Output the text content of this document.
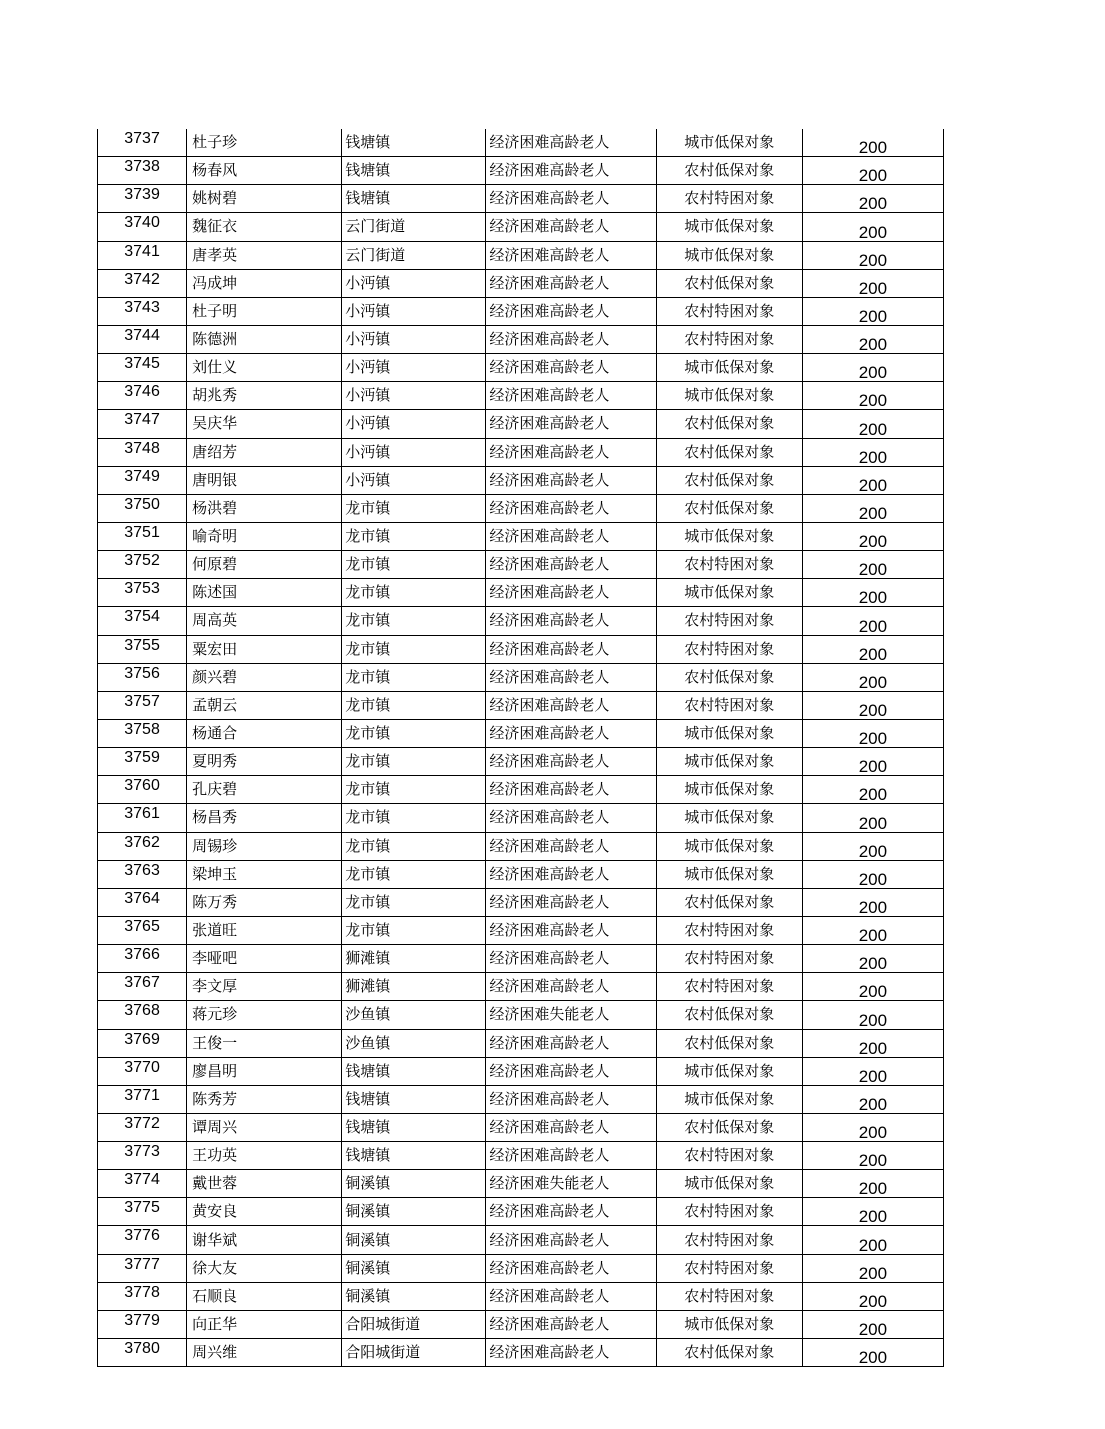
3737	杜子珍	钱塘镇	经济困难高龄老人	城市低保对象	200
3738	杨春风	钱塘镇	经济困难高龄老人	农村低保对象	200
3739	姚树碧	钱塘镇	经济困难高龄老人	农村特困对象	200
3740	魏征衣	云门街道	经济困难高龄老人	城市低保对象	200
3741	唐孝英	云门街道	经济困难高龄老人	城市低保对象	200
3742	冯成坤	小沔镇	经济困难高龄老人	农村低保对象	200
3743	杜子明	小沔镇	经济困难高龄老人	农村特困对象	200
3744	陈德洲	小沔镇	经济困难高龄老人	农村特困对象	200
3745	刘仕义	小沔镇	经济困难高龄老人	城市低保对象	200
3746	胡兆秀	小沔镇	经济困难高龄老人	城市低保对象	200
3747	吴庆华	小沔镇	经济困难高龄老人	农村低保对象	200
3748	唐绍芳	小沔镇	经济困难高龄老人	农村低保对象	200
3749	唐明银	小沔镇	经济困难高龄老人	农村低保对象	200
3750	杨洪碧	龙市镇	经济困难高龄老人	农村低保对象	200
3751	喻奇明	龙市镇	经济困难高龄老人	城市低保对象	200
3752	何原碧	龙市镇	经济困难高龄老人	农村特困对象	200
3753	陈述国	龙市镇	经济困难高龄老人	城市低保对象	200
3754	周高英	龙市镇	经济困难高龄老人	农村特困对象	200
3755	粟宏田	龙市镇	经济困难高龄老人	农村特困对象	200
3756	颜兴碧	龙市镇	经济困难高龄老人	农村低保对象	200
3757	孟朝云	龙市镇	经济困难高龄老人	农村特困对象	200
3758	杨通合	龙市镇	经济困难高龄老人	城市低保对象	200
3759	夏明秀	龙市镇	经济困难高龄老人	城市低保对象	200
3760	孔庆碧	龙市镇	经济困难高龄老人	城市低保对象	200
3761	杨昌秀	龙市镇	经济困难高龄老人	城市低保对象	200
3762	周锡珍	龙市镇	经济困难高龄老人	城市低保对象	200
3763	梁坤玉	龙市镇	经济困难高龄老人	城市低保对象	200
3764	陈万秀	龙市镇	经济困难高龄老人	农村低保对象	200
3765	张道旺	龙市镇	经济困难高龄老人	农村特困对象	200
3766	李哑吧	狮滩镇	经济困难高龄老人	农村特困对象	200
3767	李文厚	狮滩镇	经济困难高龄老人	农村特困对象	200
3768	蒋元珍	沙鱼镇	经济困难失能老人	农村低保对象	200
3769	王俊一	沙鱼镇	经济困难高龄老人	农村低保对象	200
3770	廖昌明	钱塘镇	经济困难高龄老人	城市低保对象	200
3771	陈秀芳	钱塘镇	经济困难高龄老人	城市低保对象	200
3772	谭周兴	钱塘镇	经济困难高龄老人	农村低保对象	200
3773	王功英	钱塘镇	经济困难高龄老人	农村特困对象	200
3774	戴世蓉	铜溪镇	经济困难失能老人	城市低保对象	200
3775	黄安良	铜溪镇	经济困难高龄老人	农村特困对象	200
3776	谢华斌	铜溪镇	经济困难高龄老人	农村特困对象	200
3777	徐大友	铜溪镇	经济困难高龄老人	农村特困对象	200
3778	石顺良	铜溪镇	经济困难高龄老人	农村特困对象	200
3779	向正华	合阳城街道	经济困难高龄老人	城市低保对象	200
3780	周兴维	合阳城街道	经济困难高龄老人	农村低保对象	200
